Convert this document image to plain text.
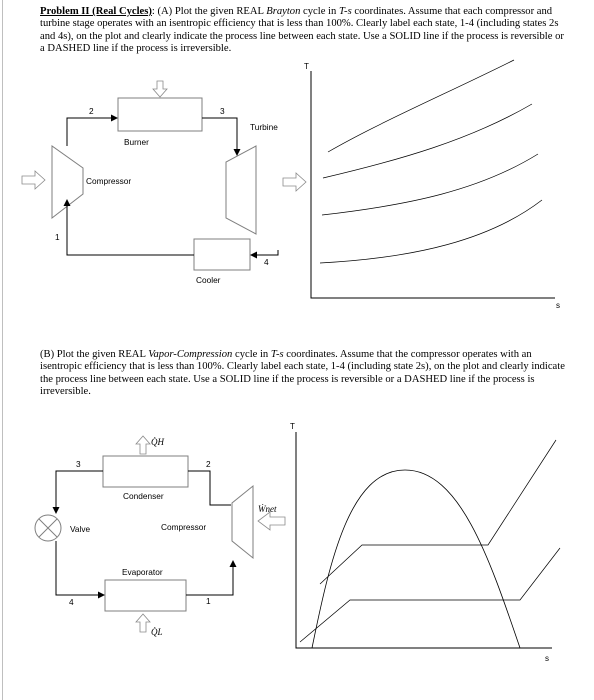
Problem II (Real Cycles): (A) Plot the given REAL Brayton cycle in T-s coordinates. Assume that each compressor and turbine stage operates with an isentropic efficiency that is less than 100%. Clearly label each state, 1-4 (including states 2s and 4s), on the plot and clearly indicate the process line between each state. Use a SOLID line if the process is reversible or a DASHED line if the process is irreversible.
(B) Plot the given REAL Vapor-Compression cycle in T-s coordinates. Assume that the compressor operates with an isentropic efficiency that is less than 100%. Clearly label each state, 1-4 (including state 2s), on the plot and clearly indicate the process line between each state. Use a SOLID line if the process is reversible or a DASHED line if the process is irreversible.
Burner
Compressor
Turbine
Cooler
1
2	3
4
T
s
Condenser
Compressor
Valve
Evaporator
1
2
3
4
Q̇H
Q̇L
Ẇnet
T
s
